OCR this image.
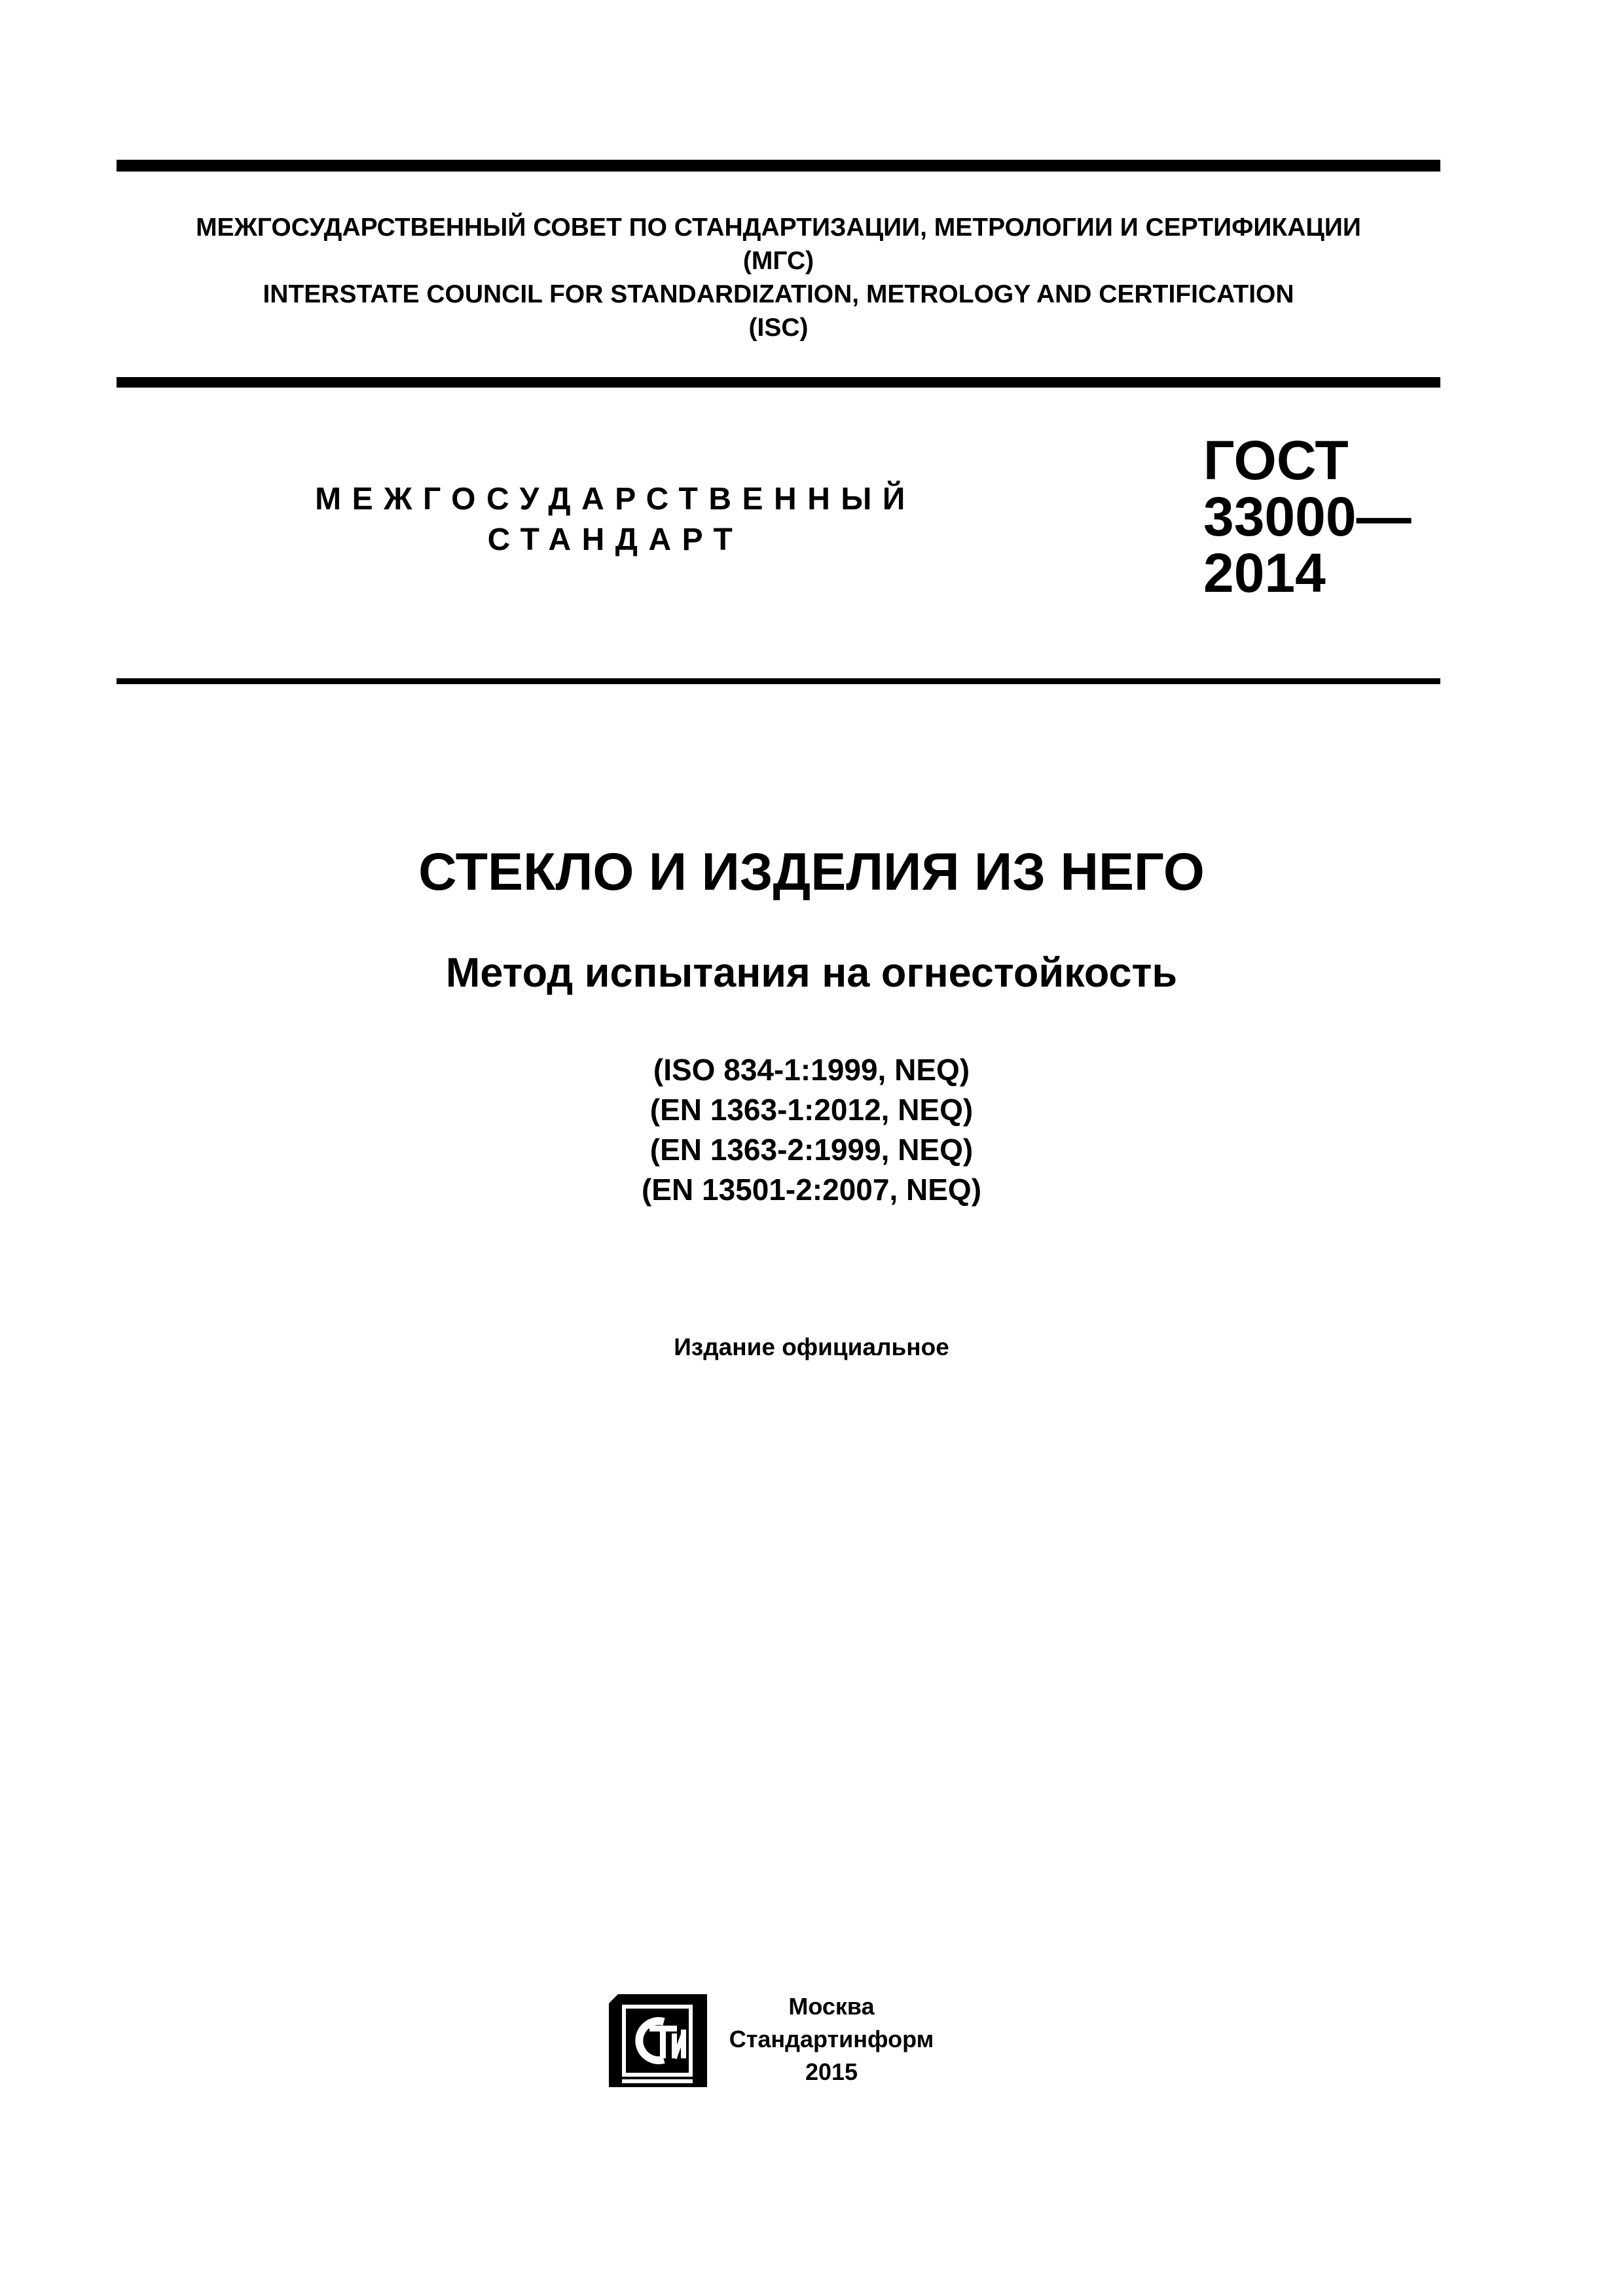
МЕЖГОСУДАРСТВЕННЫЙ СОВЕТ ПО СТАНДАРТИЗАЦИИ, МЕТРОЛОГИИ И СЕРТИФИКАЦИИ
(МГС)
INTERSTATE COUNCIL FOR STANDARDIZATION, METROLOGY AND CERTIFICATION
(ISC)
МЕЖГОСУДАРСТВЕННЫЙ
СТАНДАРТ
ГОСТ
33000—
2014
СТЕКЛО И ИЗДЕЛИЯ ИЗ НЕГО
Метод испытания на огнестойкость
(ISO 834-1:1999, NEQ)
(EN 1363-1:2012, NEQ)
(EN 1363-2:1999, NEQ)
(EN 13501-2:2007, NEQ)
Издание официальное
Москва
Стандартинформ
2015
